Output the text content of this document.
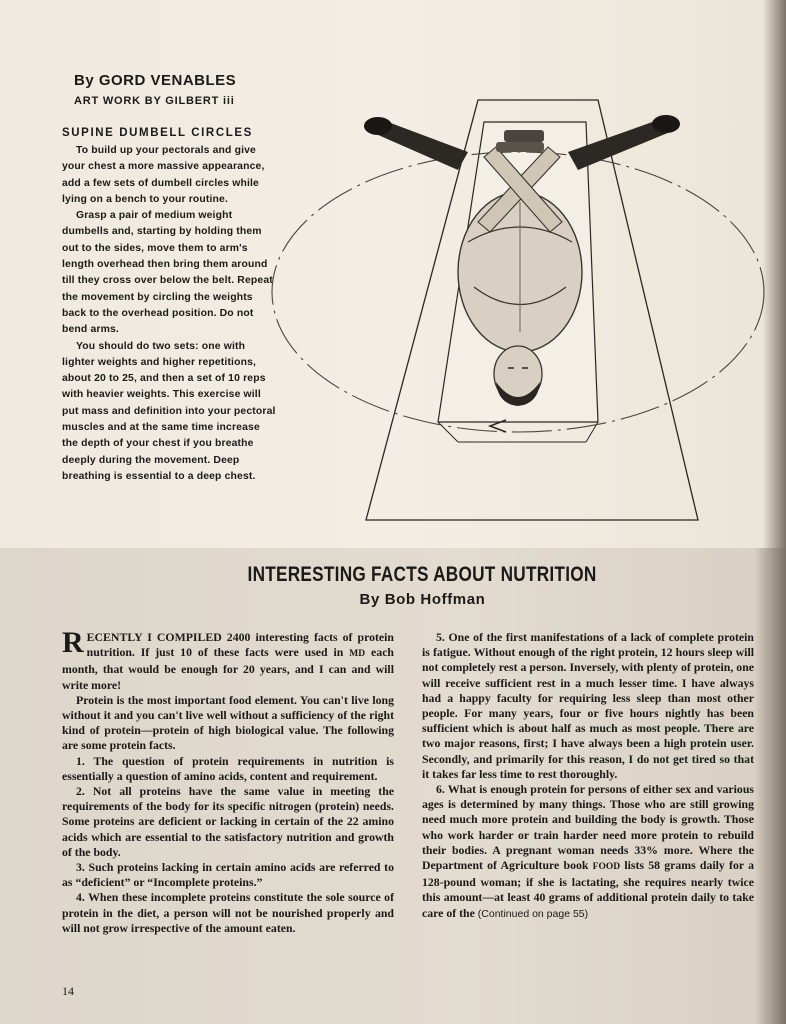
By GORD VENABLES
ART WORK BY GILBERT iii
SUPINE DUMBELL CIRCLES

To build up your pectorals and give your chest a more massive appearance, add a few sets of dumbell circles while lying on a bench to your routine.

Grasp a pair of medium weight dumbells and, starting by holding them out to the sides, move them to arm's length overhead then bring them around till they cross over below the belt. Repeat the movement by circling the weights back to the overhead position. Do not bend arms.

You should do two sets: one with lighter weights and higher repetitions, about 20 to 25, and then a set of 10 reps with heavier weights. This exercise will put mass and definition into your pectoral muscles and at the same time increase the depth of your chest if you breathe deeply during the movement. Deep breathing is essential to a deep chest.

INTERESTING FACTS ABOUT NUTRITION
By Bob Hoffman

RECENTLY I COMPILED 2400 interesting facts of protein nutrition. If just 10 of these facts were used in MD each month, that would be enough for 20 years, and I can and will write more!

Protein is the most important food element. You can't live long without it and you can't live well without a sufficiency of the right kind of protein—protein of high biological value. The following are some protein facts.

1. The question of protein requirements in nutrition is essentially a question of amino acids, content and requirement.

2. Not all proteins have the same value in meeting the requirements of the body for its specific nitrogen (protein) needs. Some proteins are deficient or lacking in certain of the 22 amino acids which are essential to the satisfactory nutrition and growth of the body.

3. Such proteins lacking in certain amino acids are referred to as “deficient” or “Incomplete proteins.”

4. When these incomplete proteins constitute the sole source of protein in the diet, a person will not be nourished properly and will not grow irrespective of the amount eaten.

5. One of the first manifestations of a lack of complete protein is fatigue. Without enough of the right protein, 12 hours sleep will not completely rest a person. Inversely, with plenty of protein, one will receive sufficient rest in a much lesser time. I have always had a happy faculty for requiring less sleep than most other people. For many years, four or five hours nightly has been sufficient which is about half as much as most people. There are two major reasons, first; I have always been a high protein user. Secondly, and primarily for this reason, I do not get tired so that it takes far less time to rest thoroughly.

6. What is enough protein for persons of either sex and various ages is determined by many things. Those who are still growing need much more protein and building the body is growth. Those who work harder or train harder need more protein to rebuild their bodies. A pregnant woman needs 33% more. Where the Department of Agriculture book FOOD lists 58 grams daily for a 128-pound woman; if she is lactating, she requires nearly twice this amount—at least 40 grams of additional protein daily to take care of the (Continued on page 55)

14
